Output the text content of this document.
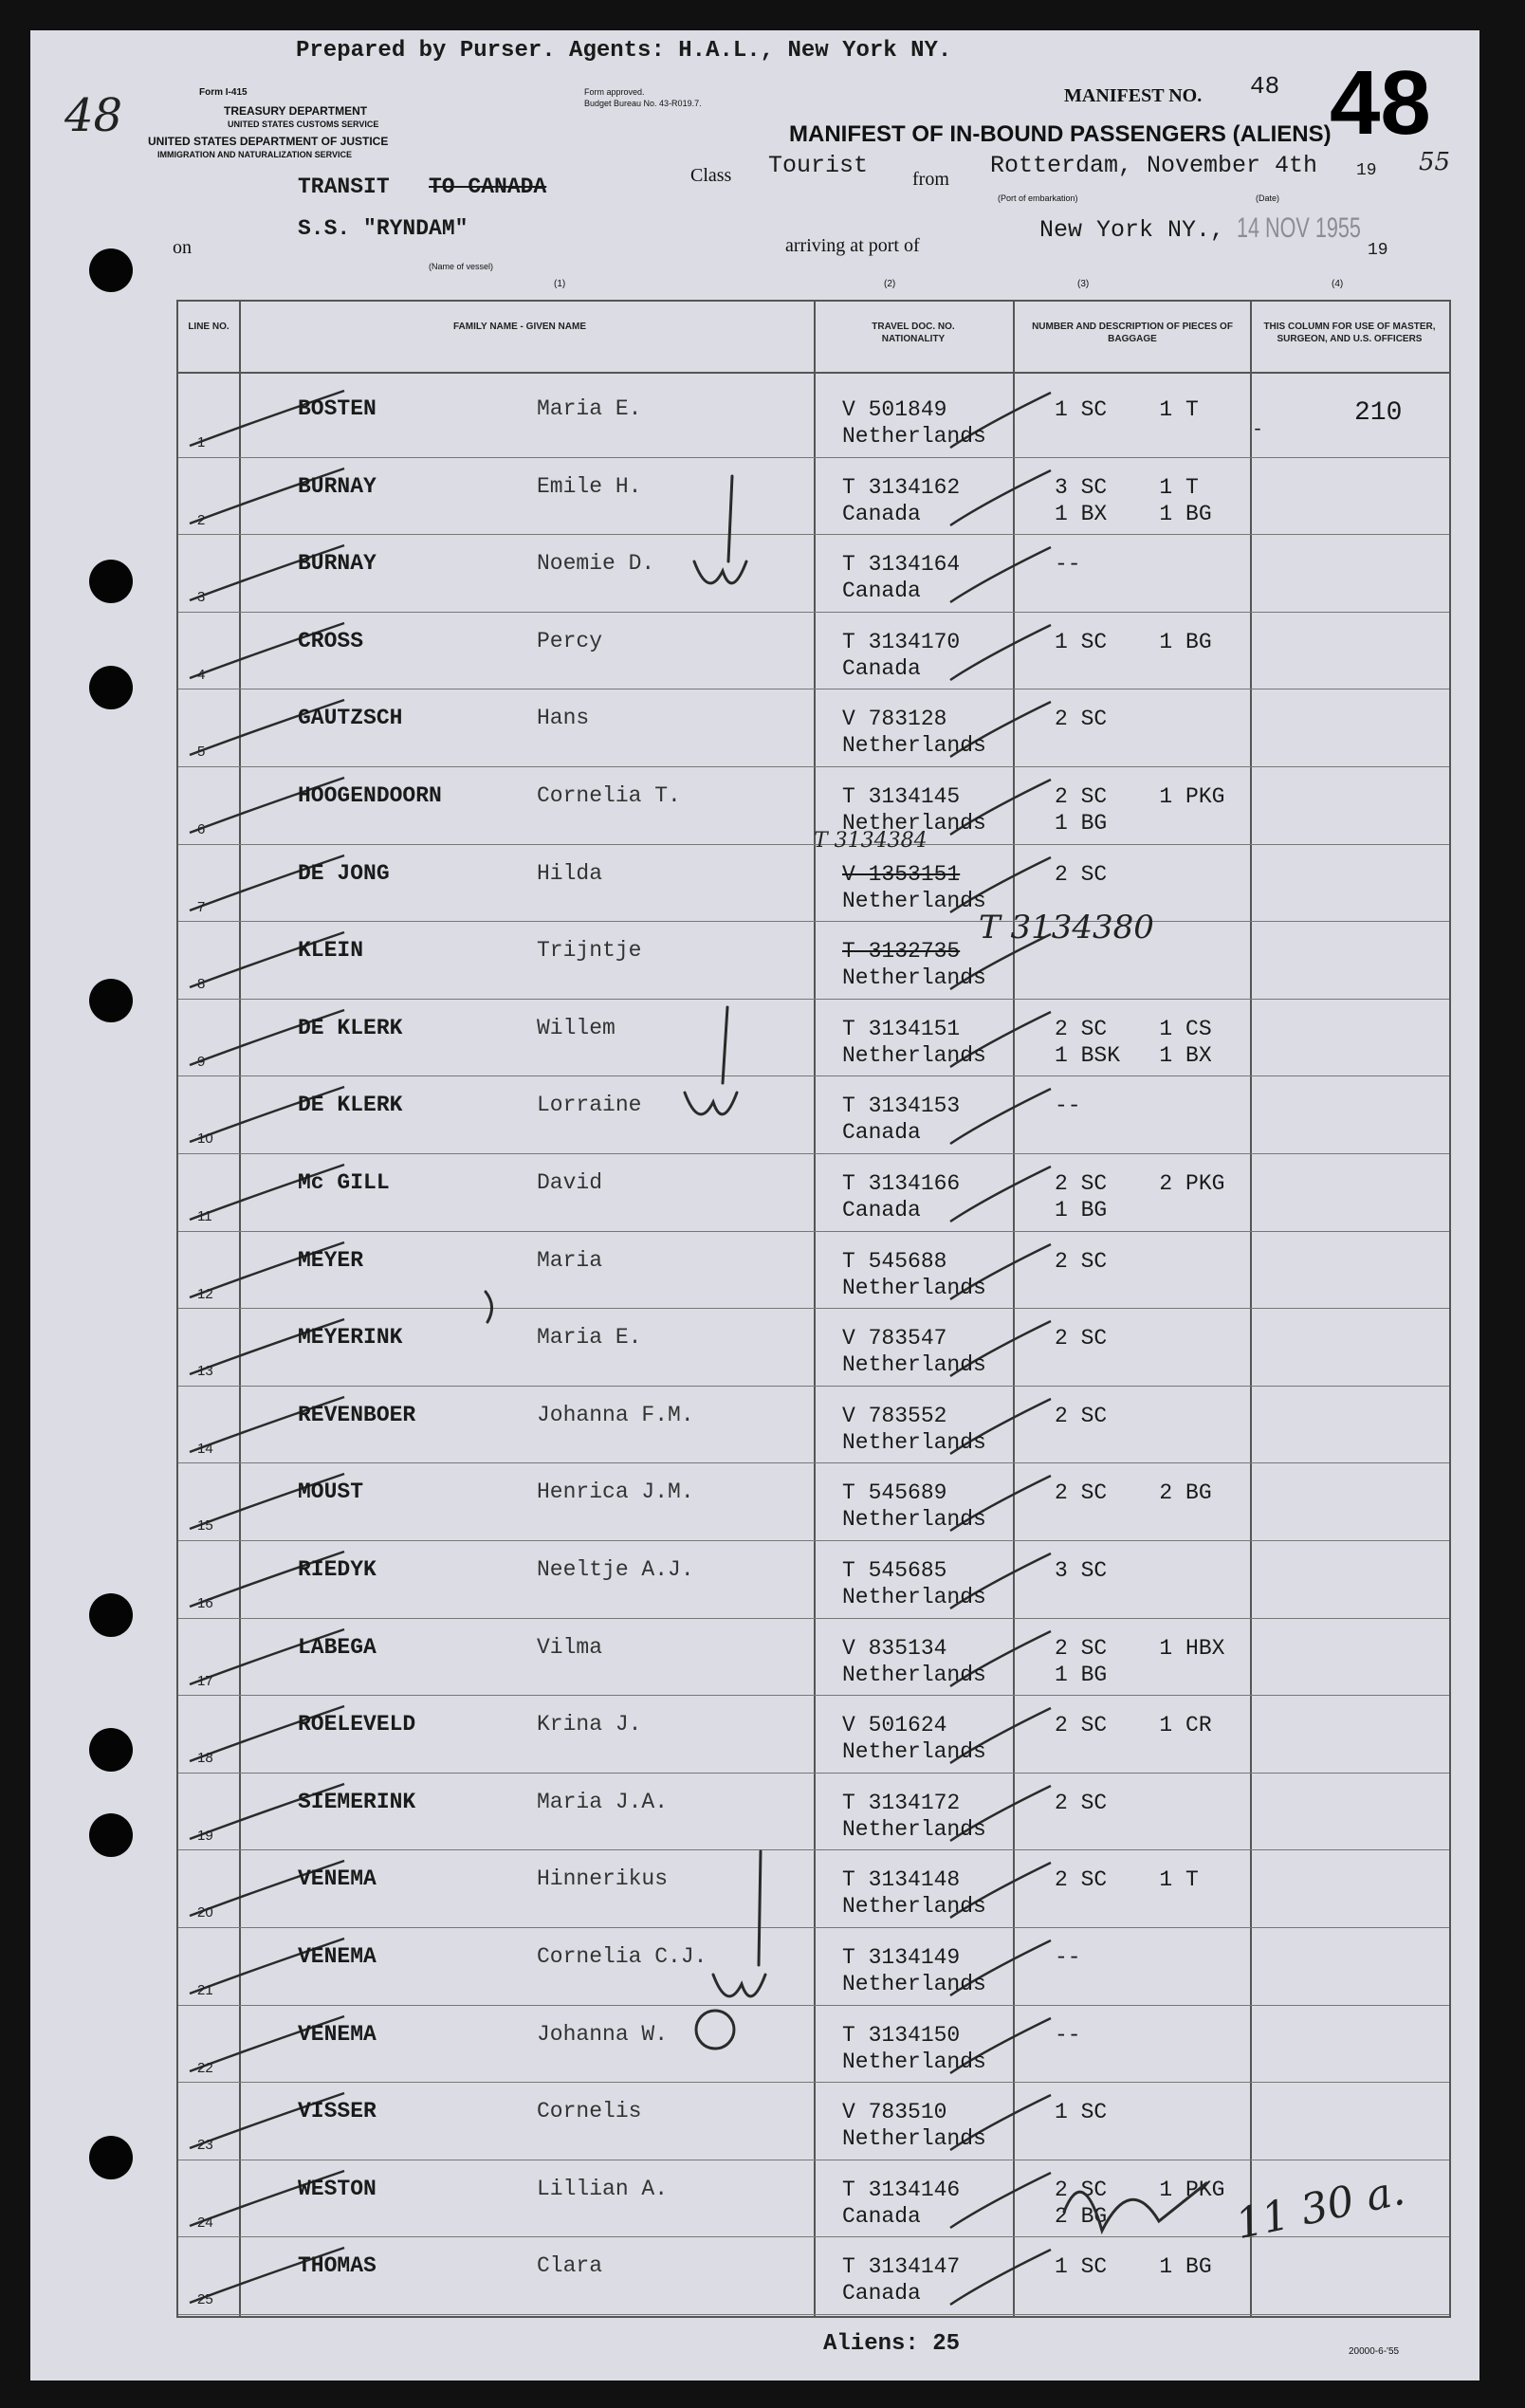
48
Prepared by Purser. Agents: H.A.L., New York NY.
Form I-415
TREASURY DEPARTMENT
UNITED STATES CUSTOMS SERVICE
UNITED STATES DEPARTMENT OF JUSTICE
IMMIGRATION AND NATURALIZATION SERVICE
Form approved.
Budget Bureau No. 43-R019.7.	MANIFEST NO. 48 48
MANIFEST OF IN-BOUND PASSENGERS (ALIENS)
TRANSIT TO CANADA	Class Tourist from Rotterdam, November 4th 19 55
(Port of embarkation)	(Date)
on
S.S. "RYNDAM"
(Name of vessel)
arriving at port of
New York NY., 14 NOV 1955
19
(1)	(2)	(3)	(4)
LINE NO.	FAMILY NAME - GIVEN NAME	TRAVEL DOC. NO. NATIONALITY
NUMBER AND DESCRIPTION OF PIECES OF BAGGAGE
THIS COLUMN FOR USE OF MASTER, SURGEON, AND U.S. OFFICERS
1
BOSTEN	Maria E.	V 501849
Netherlands
1 SC    1 T	210
2
BURNAY	Emile H.	T 3134162
Canada
3 SC    1 T
1 BX    1 BG
3
BURNAY	Noemie D.	T 3134164
Canada
--
4
CROSS	Percy	T 3134170
Canada
1 SC    1 BG
5
GAUTZSCH	Hans	V 783128
Netherlands
2 SC
6
HOOGENDOORN	Cornelia T.	T 3134145
Netherlands
2 SC    1 PKG
1 BG
7
DE JONG	Hilda	V 1353151
Netherlands
2 SC
8
KLEIN	Trijntje	T 3132735
Netherlands
9
DE KLERK	Willem	T 3134151
Netherlands
2 SC    1 CS
1 BSK   1 BX
10
DE KLERK	Lorraine	T 3134153
Canada
--
11
Mc GILL	David	T 3134166
Canada
2 SC    2 PKG
1 BG
12
MEYER	Maria	T 545688
Netherlands
2 SC
13
MEYERINK	Maria E.	V 783547
Netherlands
2 SC
14
REVENBOER	Johanna F.M.	V 783552
Netherlands
2 SC
15
MOUST	Henrica J.M.	T 545689
Netherlands
2 SC    2 BG
16
RIEDYK	Neeltje A.J.	T 545685
Netherlands
3 SC
17
LABEGA	Vilma	V 835134
Netherlands
2 SC    1 HBX
1 BG
18
ROELEVELD	Krina J.	V 501624
Netherlands
2 SC    1 CR
19
SIEMERINK	Maria J.A.	T 3134172
Netherlands
2 SC
20
VENEMA	Hinnerikus	T 3134148
Netherlands
2 SC    1 T
21
VENEMA	Cornelia C.J.	T 3134149
Netherlands
--
22
VENEMA	Johanna W.	T 3134150
Netherlands
--
23
VISSER	Cornelis	V 783510
Netherlands
1 SC
24
WESTON	Lillian A.	T 3134146
Canada
2 SC    1 PKG
2 BG
25
THOMAS	Clara	T 3134147
Canada
1 SC    1 BG
T 3134384
T 3134380
-
11 30 a.
Aliens: 25	20000-6-'55
